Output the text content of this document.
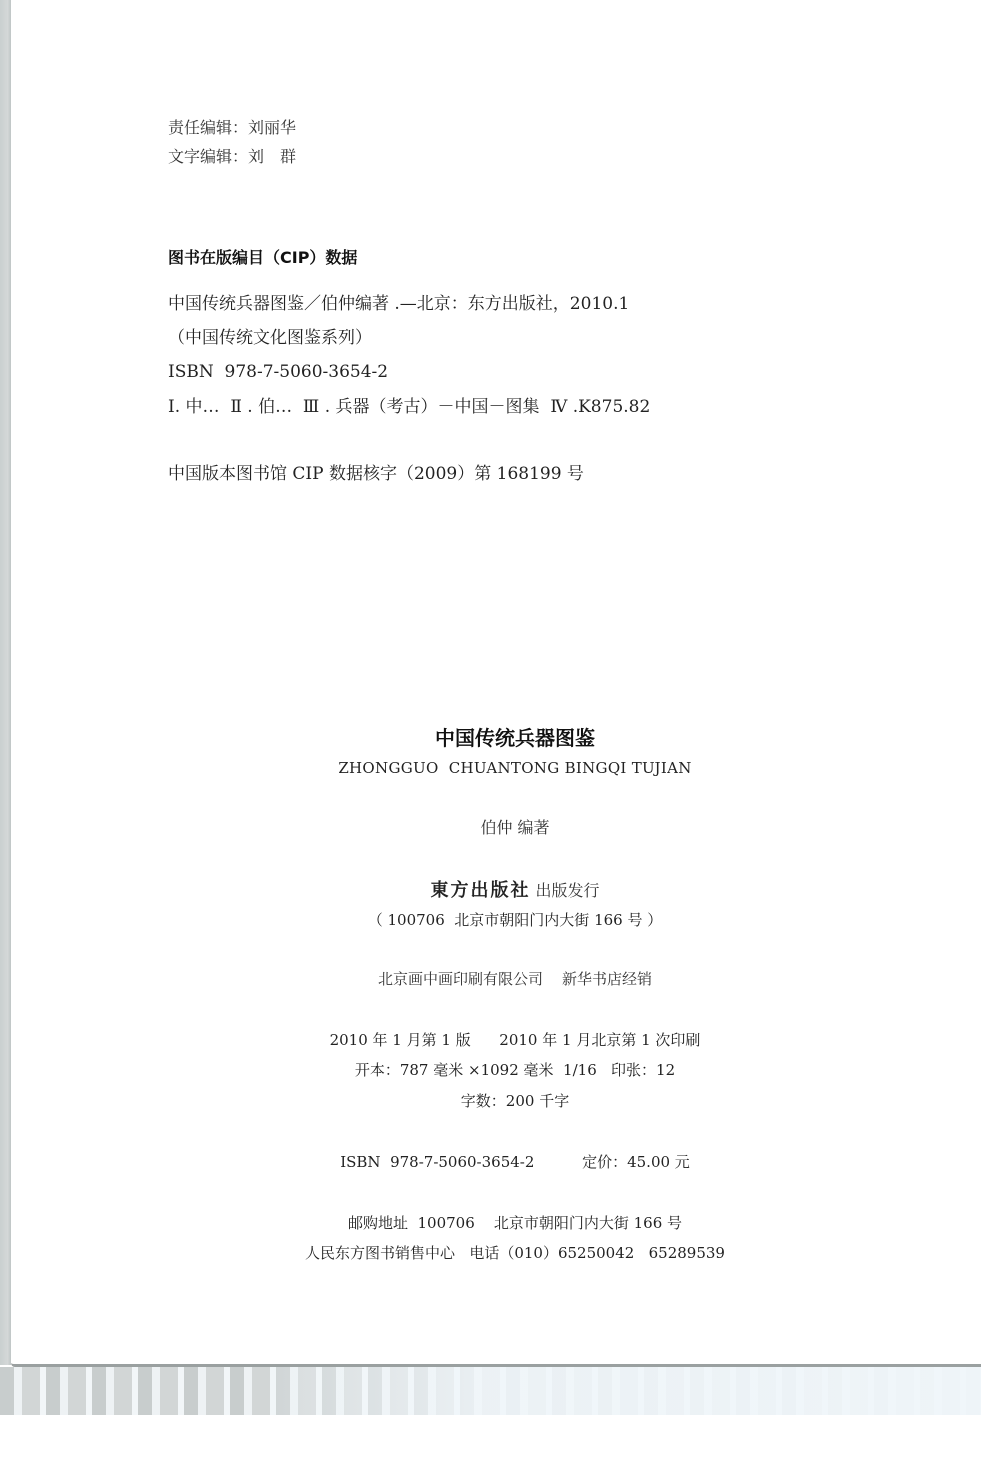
责任编辑：刘丽华
文字编辑：刘　群
图书在版编目（CIP）数据
中国传统兵器图鉴／伯仲编著 .—北京：东方出版社，2010.1
（中国传统文化图鉴系列）
ISBN  978-7-5060-3654-2
Ⅰ. 中…  Ⅱ . 伯…  Ⅲ . 兵器（考古）－中国－图集  Ⅳ .K875.82
中国版本图书馆 CIP 数据核字（2009）第 168199 号
中国传统兵器图鉴
ZHONGGUO  CHUANTONG BINGQI TUJIAN
伯仲 编著
東方出版社 出版发行
（ 100706  北京市朝阳门内大街 166 号 ）
北京画中画印刷有限公司    新华书店经销
2010 年 1 月第 1 版      2010 年 1 月北京第 1 次印刷
开本：787 毫米 ×1092 毫米  1/16   印张：12
字数：200 千字
ISBN  978-7-5060-3654-2          定价：45.00 元
邮购地址  100706    北京市朝阳门内大街 166 号
人民东方图书销售中心   电话（010）65250042   65289539
